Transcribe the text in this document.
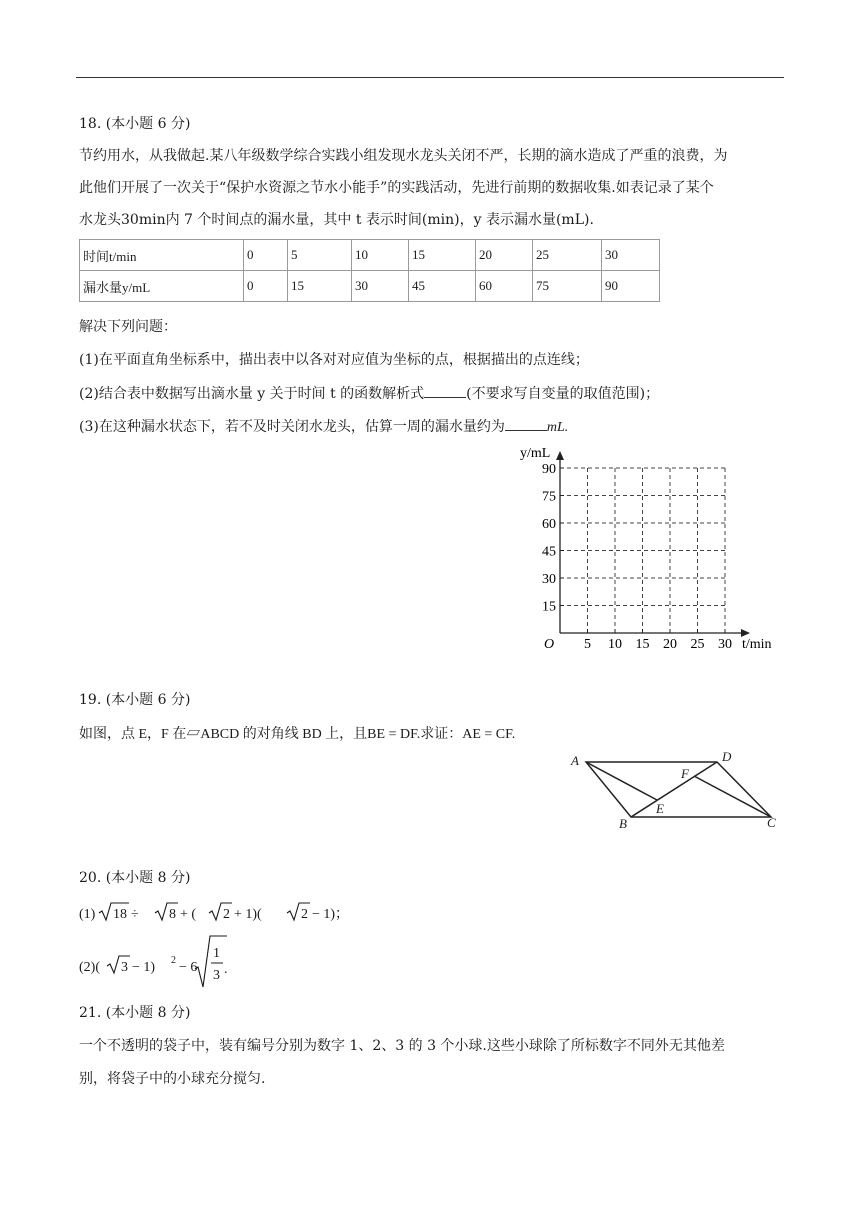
18. (本小题 6 分)
节约用水，从我做起.某八年级数学综合实践小组发现水龙头关闭不严，长期的滴水造成了严重的浪费，为
此他们开展了一次关于“保护水资源之节水小能手”的实践活动，先进行前期的数据收集.如表记录了某个
水龙头30min内 7 个时间点的漏水量，其中 t 表示时间(min)，y 表示漏水量(mL).
时间t/min	0	5	10	15	20	25	30
漏水量y/mL	0	15	30	45	60	75	90
解决下列问题：
(1)在平面直角坐标系中，描出表中以各对对应值为坐标的点，根据描出的点连线；
(2)结合表中数据写出滴水量 y 关于时间 t 的函数解析式	(不要求写自变量的取值范围)；
(3)在这种漏水状态下，若不及时关闭水龙头，估算一周的漏水量约为	mL.
5 10 15 20 25 30
15
30
45
60
75
90
y/mL
t/min
O
19. (本小题 6 分)
如图，点 E，F 在▱ABCD 的对角线 BD 上，且BE = DF.求证：AE = CF.
A	D
F
E
B	C
20. (本小题 8 分)
(1) 18 ÷ 8 + ( 2 + 1)(	2 − 1)；
(2)( 3 − 1) 2 − 6
1
3 .
21. (本小题 8 分)
一个不透明的袋子中，装有编号分别为数字 1、2、3 的 3 个小球.这些小球除了所标数字不同外无其他差
别，将袋子中的小球充分搅匀.
